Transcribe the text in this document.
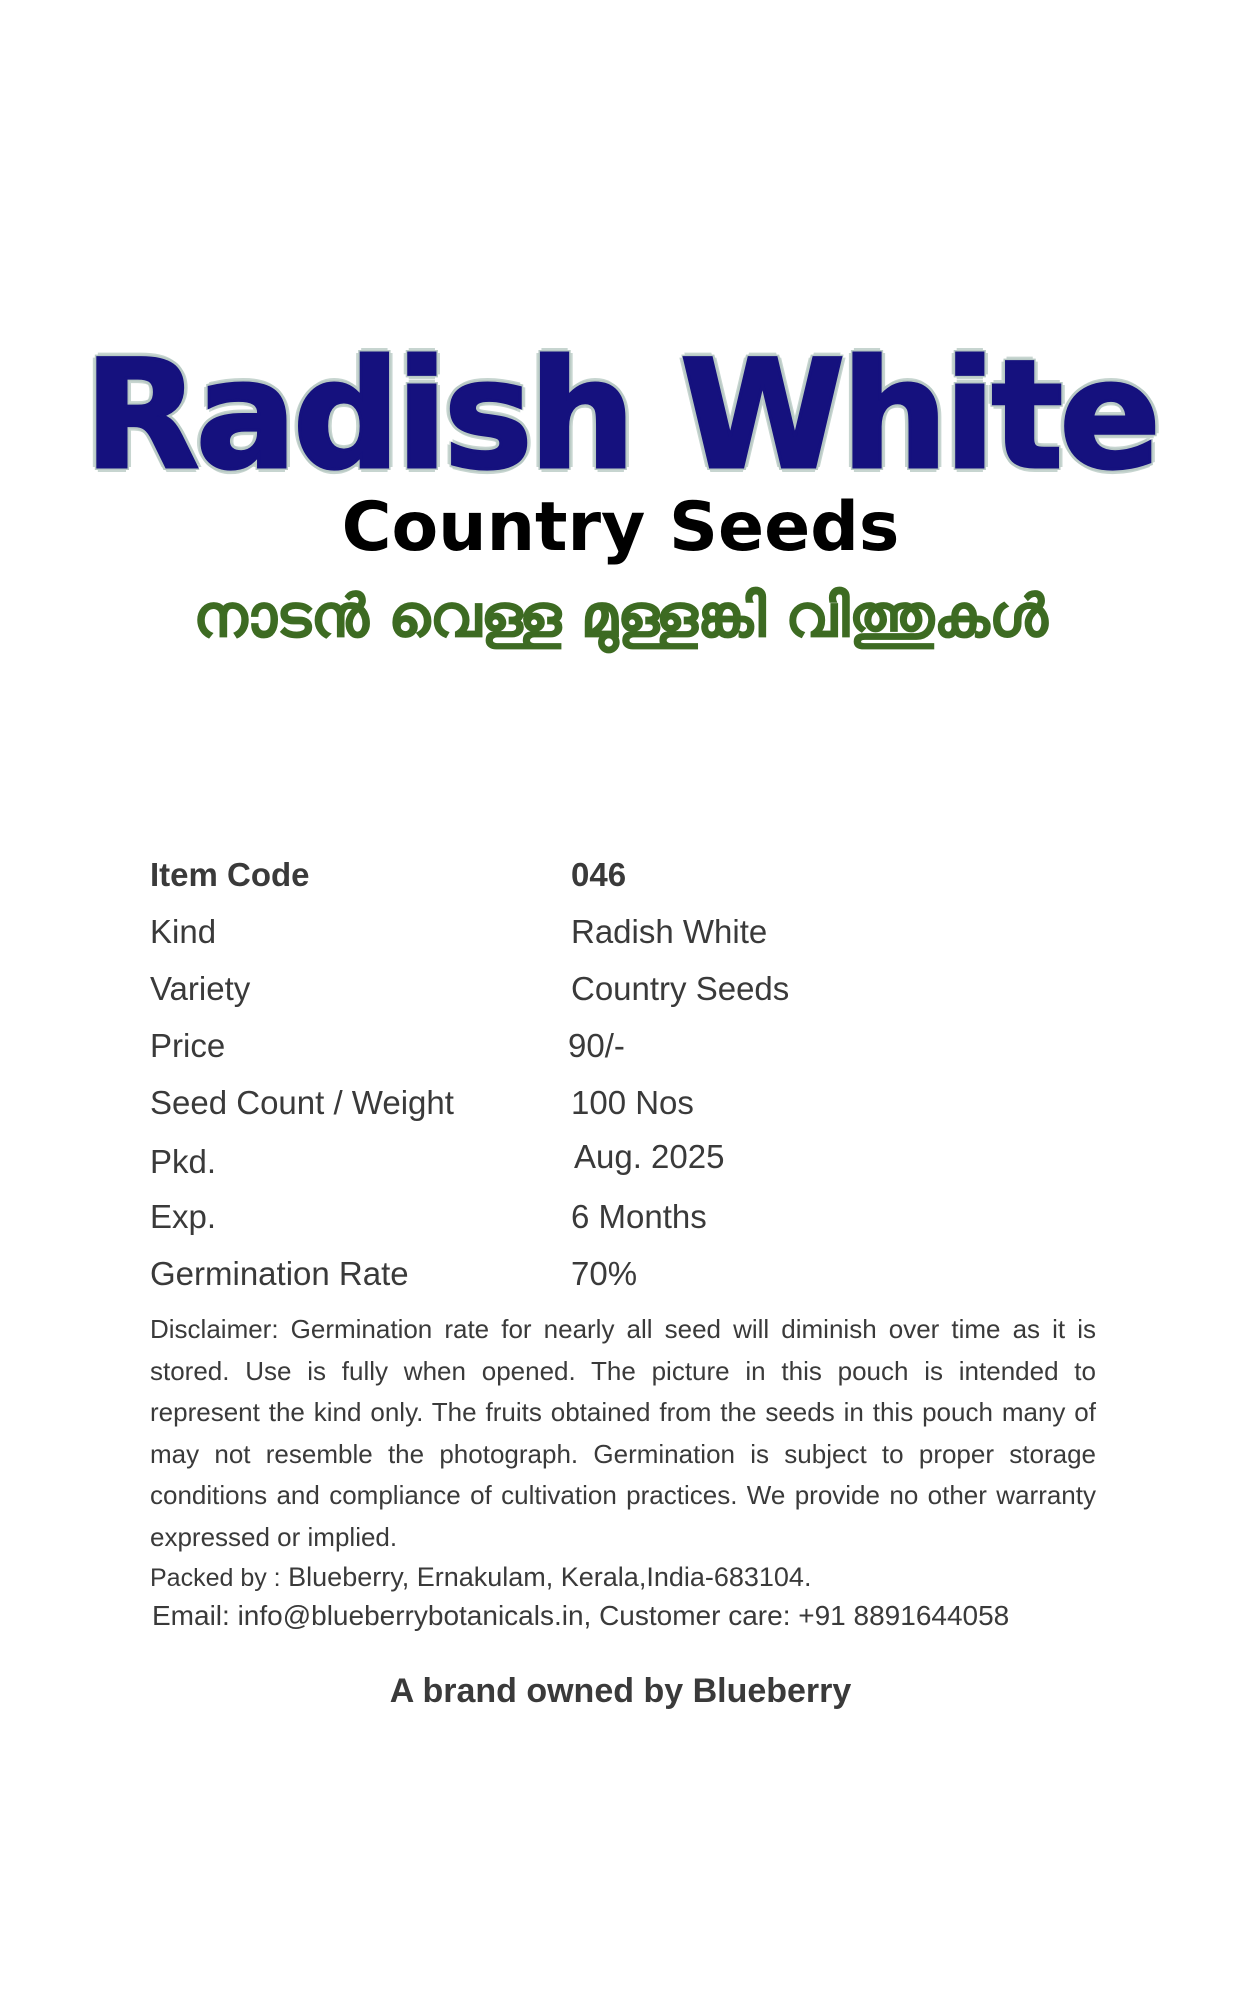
Radish White
Country Seeds
നാടൻ വെള്ള മുള്ളങ്കി വിത്തുകൾ
Item Code	046
Kind	Radish White
Variety	Country Seeds
Price	90/-
Seed Count / Weight	100 Nos
Pkd.	Aug. 2025
Exp.	6 Months
Germination Rate	70%
Disclaimer: Germination rate for nearly all seed will diminish over time as it is stored. Use is fully when opened. The picture in this pouch is intended to represent the kind only. The fruits obtained from the seeds in this pouch many of may not resemble the photograph. Germination is subject to proper storage conditions and compliance of cultivation practices. We provide no other warranty expressed or implied.
Packed by : Blueberry, Ernakulam, Kerala,India-683104.
Email: info@blueberrybotanicals.in, Customer care: +91 8891644058
A brand owned by Blueberry
